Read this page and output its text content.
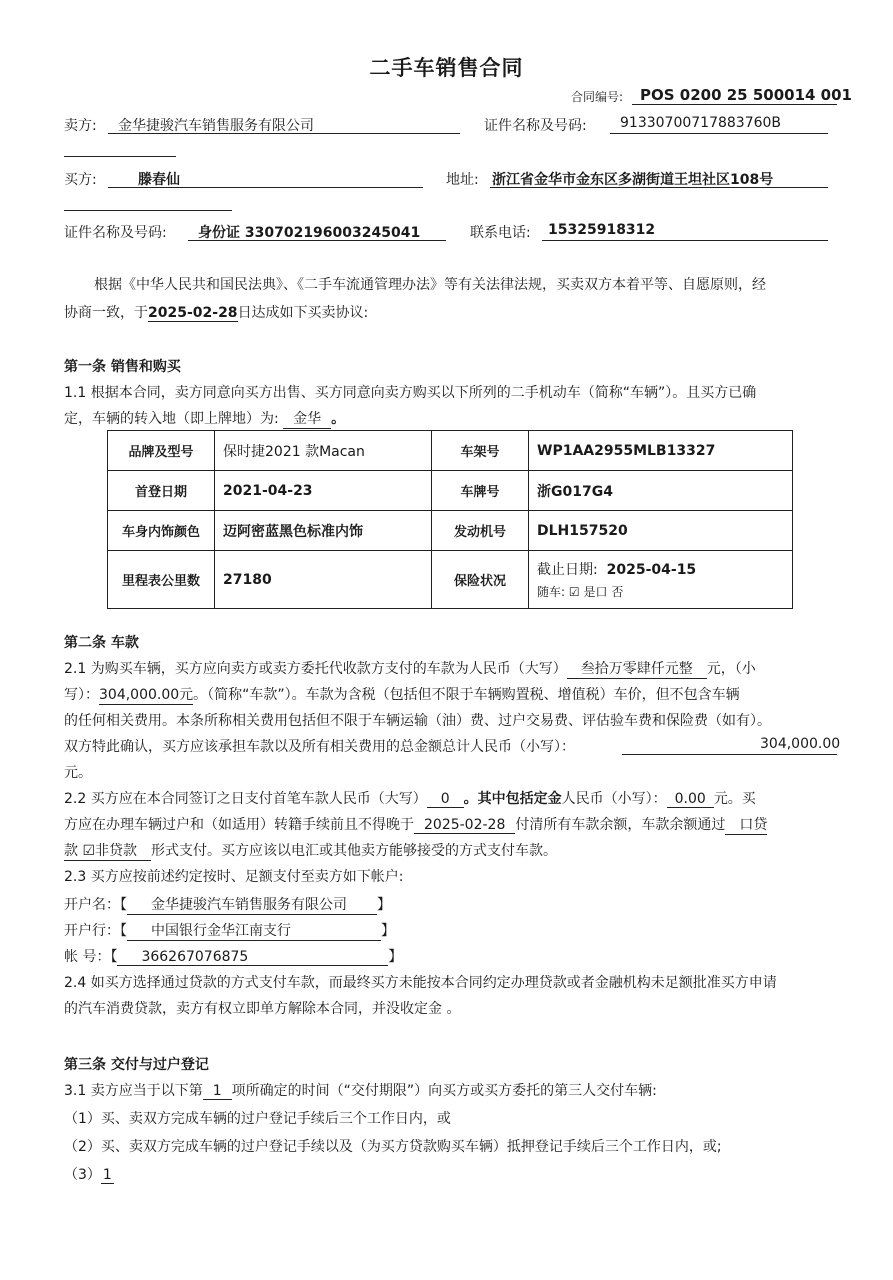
二手车销售合同
合同编号: POS 0200 25 500014 001
卖方: 金华捷骏汽车销售服务有限公司	证件名称及号码: 91330700717883760B
买方:	滕春仙	地址: 浙江省金华市金东区多湖街道王坦社区108号
证件名称及号码: 身份证 330702196003245041	联系电话: 15325918312
根据《中华人民共和国民法典》、《二手车流通管理办法》等有关法律法规，买卖双方本着平等、自愿原则，经
协商一致，于2025-02-28日达成如下买卖协议:
第一条 销售和购买
1.1 根据本合同，卖方同意向买方出售、买方同意向卖方购买以下所列的二手机动车（简称“车辆”）。且买方已确
定，车辆的转入地（即上牌地）为: 金华 。
品牌及型号	保时捷2021 款Macan	车架号	WP1AA2955MLB13327
首登日期	2021-04-23	车牌号	浙G017G4
车身内饰颜色	迈阿密蓝黑色标准内饰	发动机号	DLH157520
里程表公里数	27180	保险状况	截止日期: 2025-04-15
随车: ☑ 是口 否
第二条 车款
2.1 为购买车辆，买方应向卖方或卖方委托代收款方支付的车款为人民币（大写） 叁拾万零肆仟元整 元，（小
写）：304,000.00元。（简称“车款”）。车款为含税（包括但不限于车辆购置税、增值税）车价，但不包含车辆
的任何相关费用。本条所称相关费用包括但不限于车辆运输（油）费、过户交易费、评估验车费和保险费（如有）。
双方特此确认，买方应该承担车款以及所有相关费用的总金额总计人民币（小写）：	304,000.00
元。
2.2 买方应在本合同签订之日支付首笔车款人民币（大写） 0 。其中包括定金人民币（小写）： 0.00 元。买
方应在办理车辆过户和（如适用）转籍手续前且不得晚于 2025-02-28 付清所有车款余额，车款余额通过 口贷
款 ☑非贷款 形式支付。买方应该以电汇或其他卖方能够接受的方式支付车款。
2.3 买方应按前述约定按时、足额支付至卖方如下帐户:
开户名：【 金华捷骏汽车销售服务有限公司 】
开户行：【 中国银行金华江南支行	】
帐 号：【 366267076875	】
2.4 如买方选择通过贷款的方式支付车款，而最终买方未能按本合同约定办理贷款或者金融机构未足额批准买方申请
的汽车消费贷款，卖方有权立即单方解除本合同，并没收定金 。
第三条 交付与过户登记
3.1 卖方应当于以下第 1 项所确定的时间（“交付期限”）向买方或买方委托的第三人交付车辆:
（1）买、卖双方完成车辆的过户登记手续后三个工作日内，或
（2）买、卖双方完成车辆的过户登记手续以及（为买方贷款购买车辆）抵押登记手续后三个工作日内，或;
（3） 1
